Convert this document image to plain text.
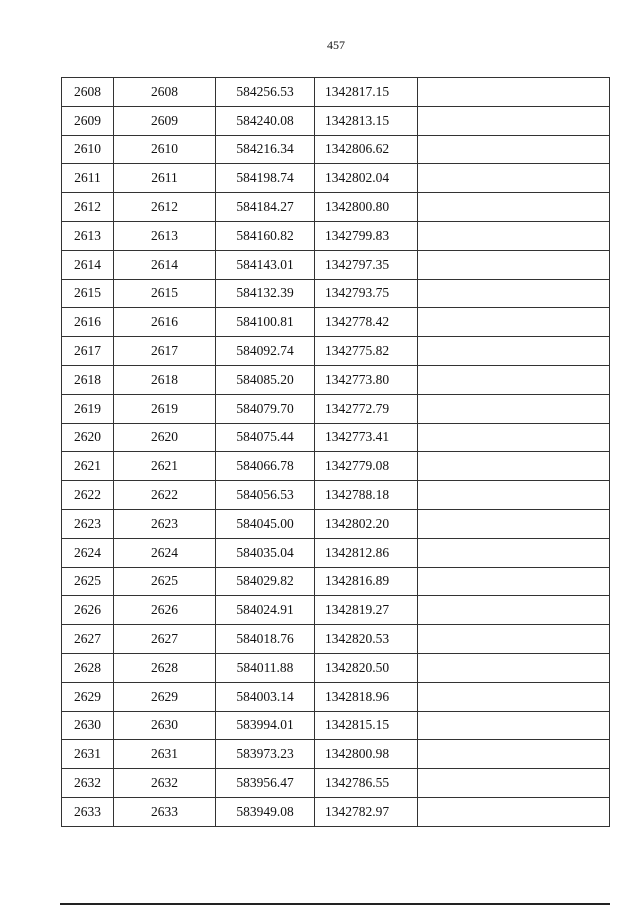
457
2608	2608	584256.53	1342817.15	
2609	2609	584240.08	1342813.15	
2610	2610	584216.34	1342806.62	
2611	2611	584198.74	1342802.04	
2612	2612	584184.27	1342800.80	
2613	2613	584160.82	1342799.83	
2614	2614	584143.01	1342797.35	
2615	2615	584132.39	1342793.75	
2616	2616	584100.81	1342778.42	
2617	2617	584092.74	1342775.82	
2618	2618	584085.20	1342773.80	
2619	2619	584079.70	1342772.79	
2620	2620	584075.44	1342773.41	
2621	2621	584066.78	1342779.08	
2622	2622	584056.53	1342788.18	
2623	2623	584045.00	1342802.20	
2624	2624	584035.04	1342812.86	
2625	2625	584029.82	1342816.89	
2626	2626	584024.91	1342819.27	
2627	2627	584018.76	1342820.53	
2628	2628	584011.88	1342820.50	
2629	2629	584003.14	1342818.96	
2630	2630	583994.01	1342815.15	
2631	2631	583973.23	1342800.98	
2632	2632	583956.47	1342786.55	
2633	2633	583949.08	1342782.97	
